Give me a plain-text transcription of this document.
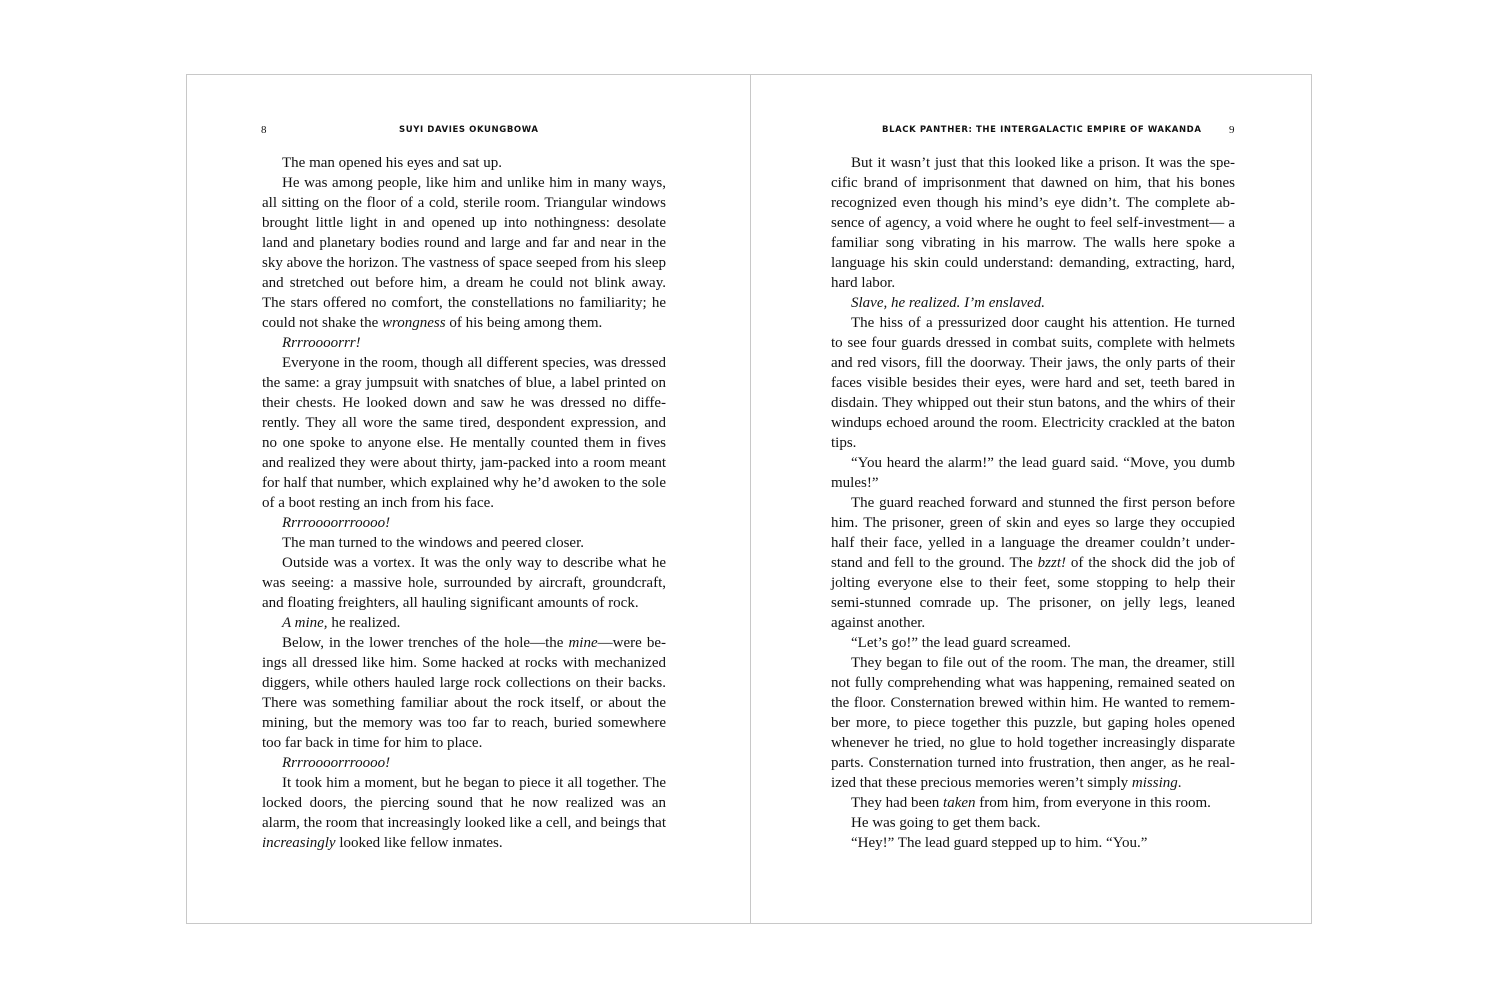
8	SUYI DAVIES OKUNGBOWA

The man opened his eyes and sat up.

He was among people, like him and unlike him in many ways, all sitting on the floor of a cold, sterile room. Triangular windows brought little light in and opened up into nothingness: desolate land and planetary bodies round and large and far and near in the sky above the horizon. The vastness of space seeped from his sleep and stretched out before him, a dream he could not blink away. The stars offered no comfort, the constellations no familiarity; he could not shake the wrongness of his being among them.

Rrrroooorrr!

Everyone in the room, though all different species, was dressed the same: a gray jumpsuit with snatches of blue, a label printed on their chests. He looked down and saw he was dressed no differently. They all wore the same tired, despondent expression, and no one spoke to anyone else. He mentally counted them in fives and realized they were about thirty, jam-packed into a room meant for half that number, which explained why he’d awoken to the sole of a boot resting an inch from his face.

Rrrroooorrroooo!

The man turned to the windows and peered closer.

Outside was a vortex. It was the only way to describe what he was seeing: a massive hole, surrounded by aircraft, groundcraft, and floating freighters, all hauling significant amounts of rock.

A mine, he realized.

Below, in the lower trenches of the hole—the mine—were beings all dressed like him. Some hacked at rocks with mechanized diggers, while others hauled large rock collections on their backs. There was something familiar about the rock itself, or about the mining, but the memory was too far to reach, buried somewhere too far back in time for him to place.

Rrrroooorrroooo!

It took him a moment, but he began to piece it all together. The locked doors, the piercing sound that he now realized was an alarm, the room that increasingly looked like a cell, and beings that increasingly looked like fellow inmates.

BLACK PANTHER: THE INTERGALACTIC EMPIRE OF WAKANDA 9

But it wasn’t just that this looked like a prison. It was the specific brand of imprisonment that dawned on him, that his bones recognized even though his mind’s eye didn’t. The complete absence of agency, a void where he ought to feel self-investment— a familiar song vibrating in his marrow. The walls here spoke a language his skin could understand: demanding, extracting, hard, hard labor.

Slave, he realized. I’m enslaved.

The hiss of a pressurized door caught his attention. He turned to see four guards dressed in combat suits, complete with helmets and red visors, fill the doorway. Their jaws, the only parts of their faces visible besides their eyes, were hard and set, teeth bared in disdain. They whipped out their stun batons, and the whirs of their windups echoed around the room. Electricity crackled at the baton tips.

“You heard the alarm!” the lead guard said. “Move, you dumb mules!”

The guard reached forward and stunned the first person before him. The prisoner, green of skin and eyes so large they occupied half their face, yelled in a language the dreamer couldn’t understand and fell to the ground. The bzzt! of the shock did the job of jolting everyone else to their feet, some stopping to help their semi-stunned comrade up. The prisoner, on jelly legs, leaned against another.

“Let’s go!” the lead guard screamed.

They began to file out of the room. The man, the dreamer, still not fully comprehending what was happening, remained seated on the floor. Consternation brewed within him. He wanted to remember more, to piece together this puzzle, but gaping holes opened whenever he tried, no glue to hold together increasingly disparate parts. Consternation turned into frustration, then anger, as he realized that these precious memories weren’t simply missing.

They had been taken from him, from everyone in this room.

He was going to get them back.

“Hey!” The lead guard stepped up to him. “You.”
